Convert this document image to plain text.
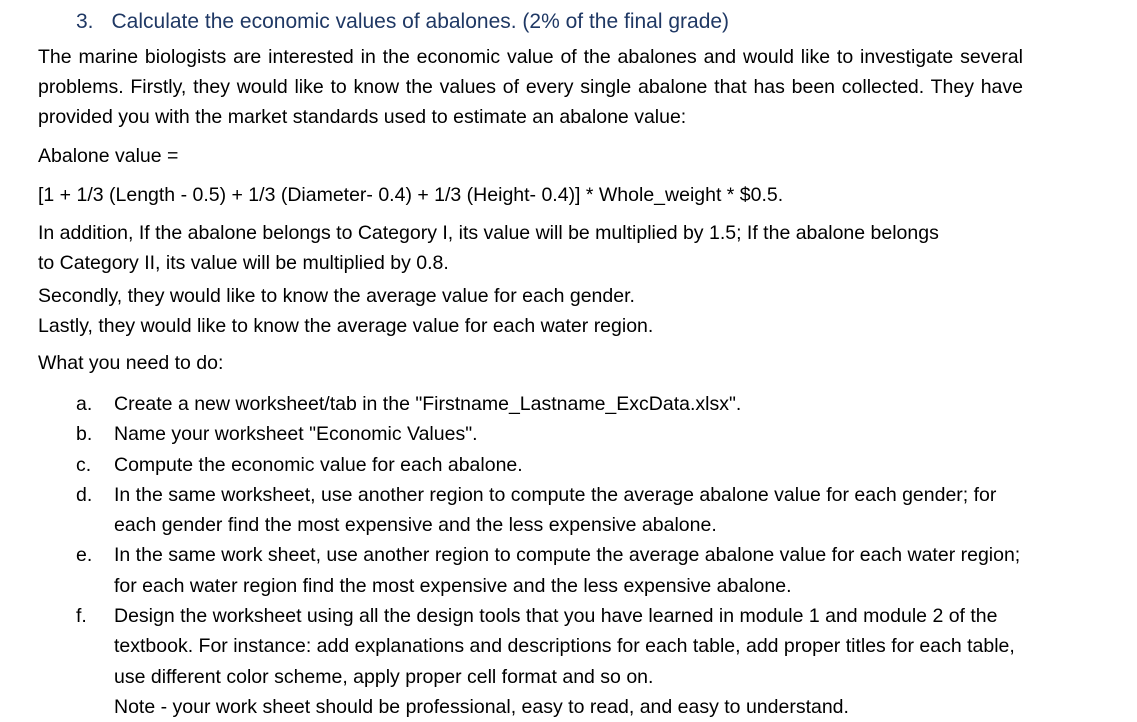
3. Calculate the economic values of abalones. (2% of the final grade)

The marine biologists are interested in the economic value of the abalones and would like to investigate several problems. Firstly, they would like to know the values of every single abalone that has been collected. They have provided you with the market standards used to estimate an abalone value:

Abalone value =

[1 + 1/3 (Length - 0.5) + 1/3 (Diameter- 0.4) + 1/3 (Height- 0.4)] * Whole_weight * $0.5.

In addition, If the abalone belongs to Category I, its value will be multiplied by 1.5; If the abalone belongs to Category II, its value will be multiplied by 0.8.

Secondly, they would like to know the average value for each gender.

Lastly, they would like to know the average value for each water region.

What you need to do:

a. Create a new worksheet/tab in the "Firstname_Lastname_ExcData.xlsx".
b. Name your worksheet "Economic Values".
c. Compute the economic value for each abalone.
d. In the same worksheet, use another region to compute the average abalone value for each gender; for each gender find the most expensive and the less expensive abalone.
e. In the same work sheet, use another region to compute the average abalone value for each water region; for each water region find the most expensive and the less expensive abalone.
f. Design the worksheet using all the design tools that you have learned in module 1 and module 2 of the textbook. For instance: add explanations and descriptions for each table, add proper titles for each table, use different color scheme, apply proper cell format and so on.
Note - your work sheet should be professional, easy to read, and easy to understand.
